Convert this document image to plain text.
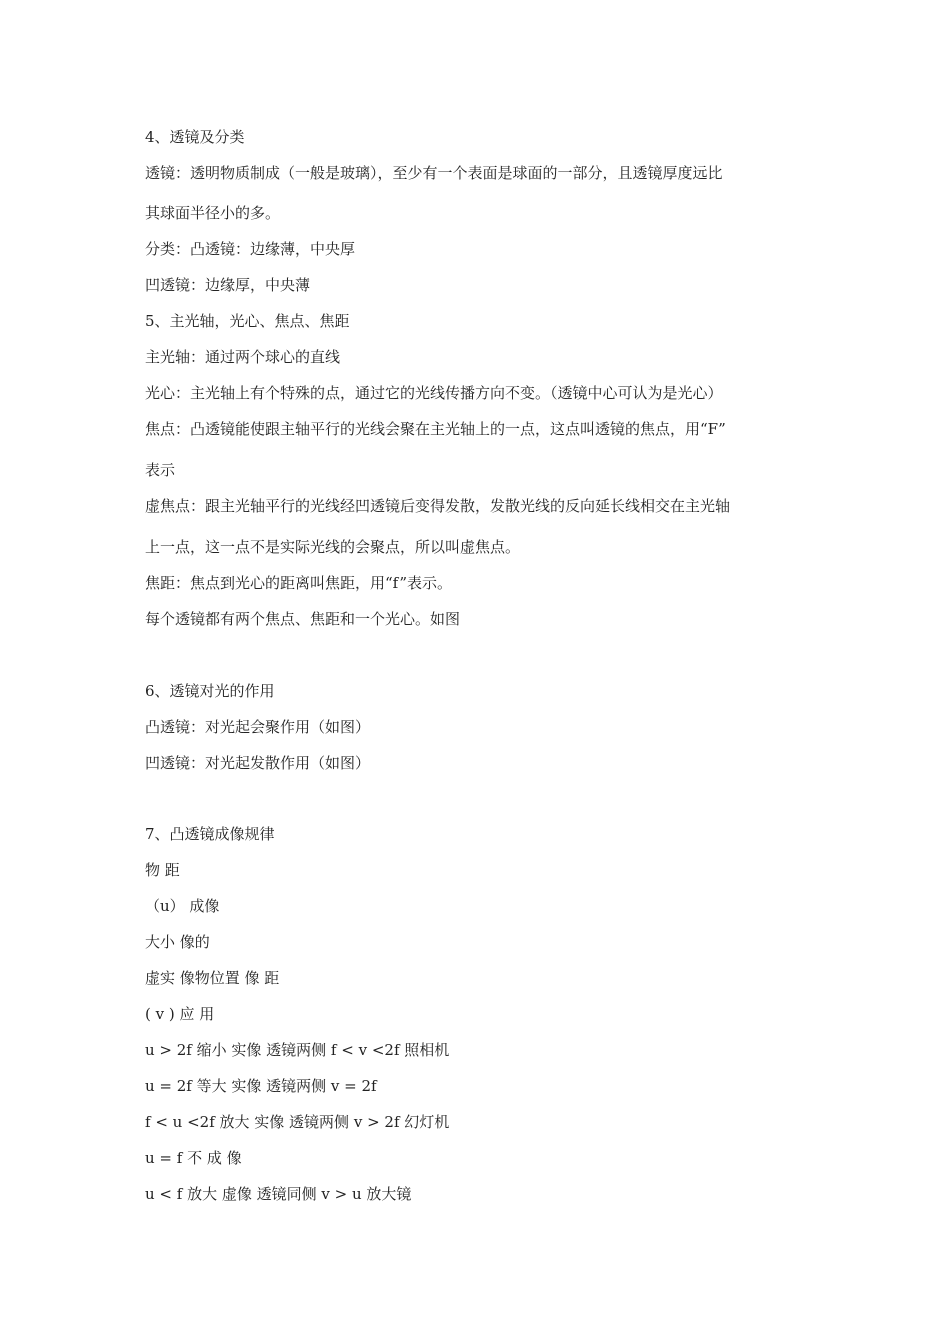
4、透镜及分类

透镜：透明物质制成（一般是玻璃），至少有一个表面是球面的一部分，且透镜厚度远比

其球面半径小的多。

分类：凸透镜：边缘薄，中央厚

凹透镜：边缘厚，中央薄

5、主光轴，光心、焦点、焦距

主光轴：通过两个球心的直线

光心：主光轴上有个特殊的点，通过它的光线传播方向不变。（透镜中心可认为是光心）

焦点：凸透镜能使跟主轴平行的光线会聚在主光轴上的一点，这点叫透镜的焦点，用“F”

表示

虚焦点：跟主光轴平行的光线经凹透镜后变得发散，发散光线的反向延长线相交在主光轴

上一点，这一点不是实际光线的会聚点，所以叫虚焦点。

焦距：焦点到光心的距离叫焦距，用“f”表示。

每个透镜都有两个焦点、焦距和一个光心。如图

6、透镜对光的作用

凸透镜：对光起会聚作用（如图）

凹透镜：对光起发散作用（如图）

7、凸透镜成像规律

物 距

（u） 成像

大小 像的

虚实 像物位置 像 距

( v ) 应 用

u > 2f 缩小 实像 透镜两侧 f < v <2f 照相机

u = 2f 等大 实像 透镜两侧 v = 2f

f < u <2f 放大 实像 透镜两侧 v > 2f 幻灯机

u = f 不 成 像

u < f 放大 虚像 透镜同侧 v > u 放大镜
